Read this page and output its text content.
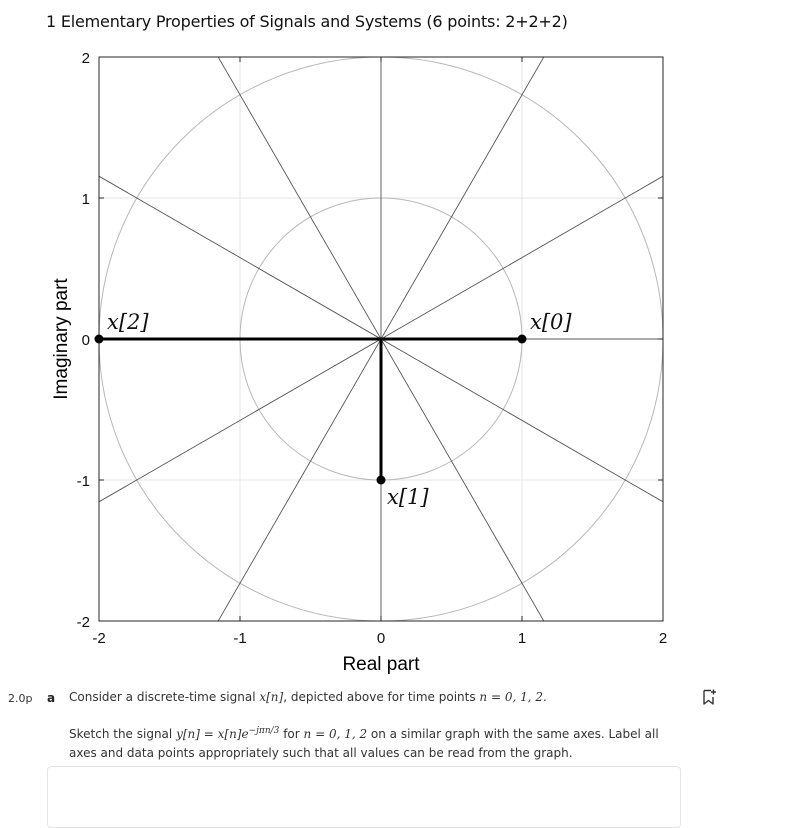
1 Elementary Properties of Signals and Systems (6 points: 2+2+2)
-2	-1	0	1	2
-2
-1
0
1
2
x[0]
x[1]
x[2]
Real part
Imaginary part
2.0p a Consider a discrete-time signal x[n], depicted above for time points n = 0, 1, 2.
Sketch the signal $y[n] = x[n]e^{-j\pi n/3}$ for n = 0, 1, 2 on a similar graph with the same axes. Label all axes and data points appropriately such that all values can be read from the graph.
